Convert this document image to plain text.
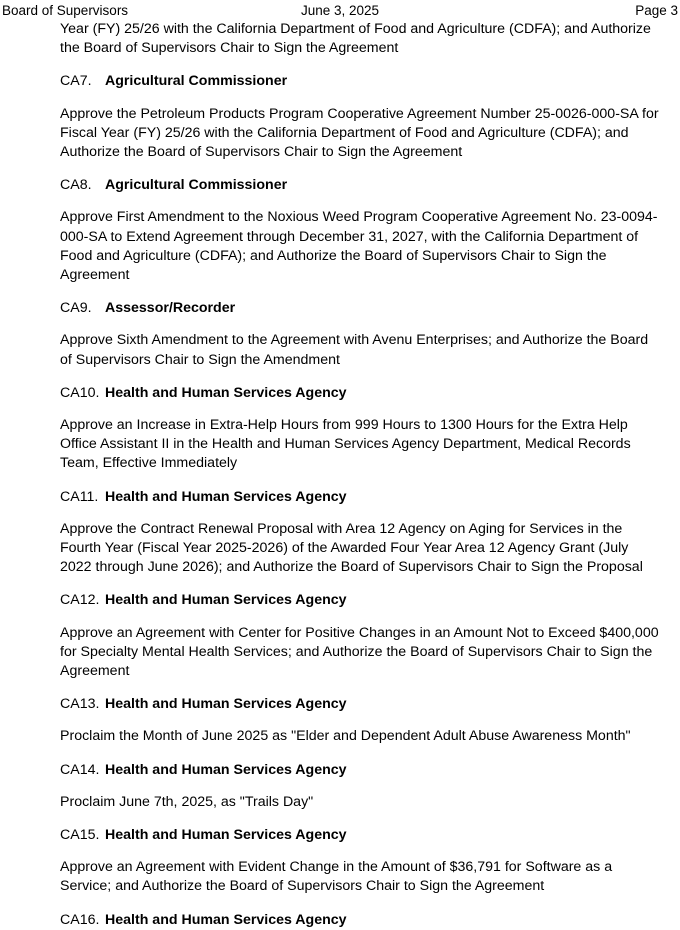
Board of Supervisors	June 3, 2025	Page 3

Year (FY) 25/26 with the California Department of Food and Agriculture (CDFA); and Authorize the Board of Supervisors Chair to Sign the Agreement

CA7. Agricultural Commissioner

Approve the Petroleum Products Program Cooperative Agreement Number 25-0026-000-SA for Fiscal Year (FY) 25/26 with the California Department of Food and Agriculture (CDFA); and Authorize the Board of Supervisors Chair to Sign the Agreement

CA8. Agricultural Commissioner

Approve First Amendment to the Noxious Weed Program Cooperative Agreement No. 23-0094-000-SA to Extend Agreement through December 31, 2027, with the California Department of Food and Agriculture (CDFA); and Authorize the Board of Supervisors Chair to Sign the Agreement

CA9. Assessor/Recorder

Approve Sixth Amendment to the Agreement with Avenu Enterprises; and Authorize the Board of Supervisors Chair to Sign the Amendment

CA10. Health and Human Services Agency

Approve an Increase in Extra-Help Hours from 999 Hours to 1300 Hours for the Extra Help Office Assistant II in the Health and Human Services Agency Department, Medical Records Team, Effective Immediately

CA11. Health and Human Services Agency

Approve the Contract Renewal Proposal with Area 12 Agency on Aging for Services in the Fourth Year (Fiscal Year 2025-2026) of the Awarded Four Year Area 12 Agency Grant (July 2022 through June 2026); and Authorize the Board of Supervisors Chair to Sign the Proposal

CA12. Health and Human Services Agency

Approve an Agreement with Center for Positive Changes in an Amount Not to Exceed $400,000 for Specialty Mental Health Services; and Authorize the Board of Supervisors Chair to Sign the Agreement

CA13. Health and Human Services Agency

Proclaim the Month of June 2025 as "Elder and Dependent Adult Abuse Awareness Month"

CA14. Health and Human Services Agency

Proclaim June 7th, 2025, as "Trails Day"

CA15. Health and Human Services Agency

Approve an Agreement with Evident Change in the Amount of $36,791 for Software as a Service; and Authorize the Board of Supervisors Chair to Sign the Agreement

CA16. Health and Human Services Agency
